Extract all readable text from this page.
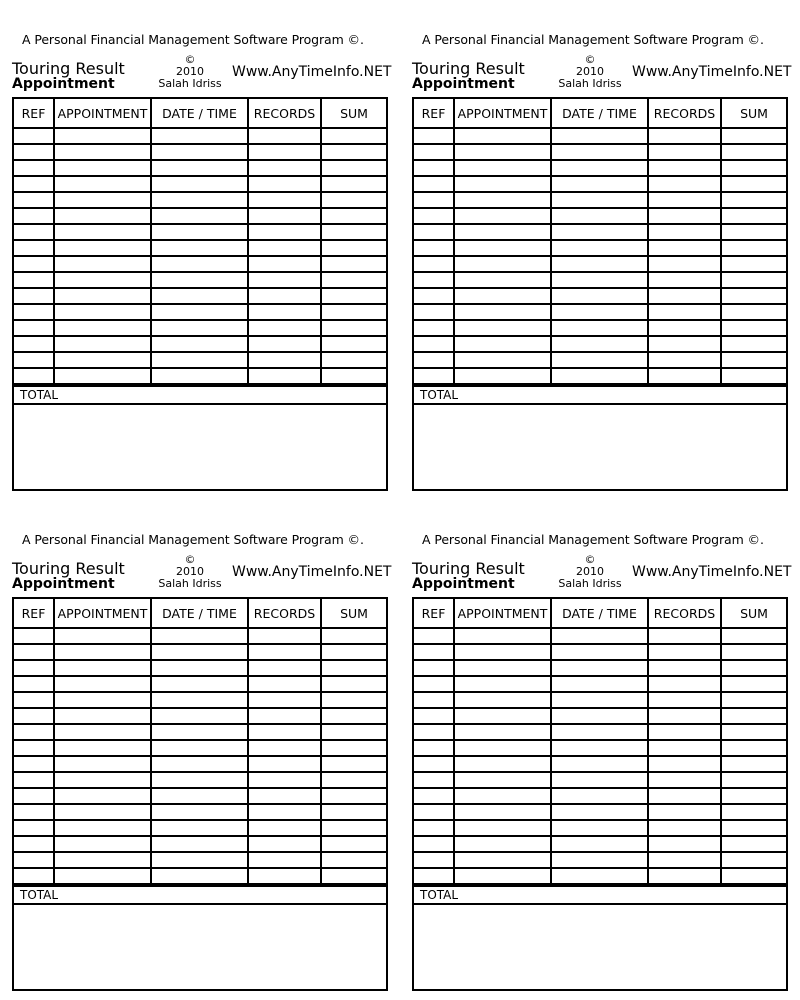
A Personal Financial Management Software Program ©.
Touring Result
Appointment
©
2010
Salah Idriss
Www.AnyTimeInfo.NET
REF	APPOINTMENT	DATE / TIME	RECORDS	SUM

TOTAL
A Personal Financial Management Software Program ©.
Touring Result
Appointment
©
2010
Salah Idriss
Www.AnyTimeInfo.NET
REF	APPOINTMENT	DATE / TIME	RECORDS	SUM

TOTAL
A Personal Financial Management Software Program ©.
Touring Result
Appointment
©
2010
Salah Idriss
Www.AnyTimeInfo.NET
REF	APPOINTMENT	DATE / TIME	RECORDS	SUM

TOTAL
A Personal Financial Management Software Program ©.
Touring Result
Appointment
©
2010
Salah Idriss
Www.AnyTimeInfo.NET
REF	APPOINTMENT	DATE / TIME	RECORDS	SUM

TOTAL
